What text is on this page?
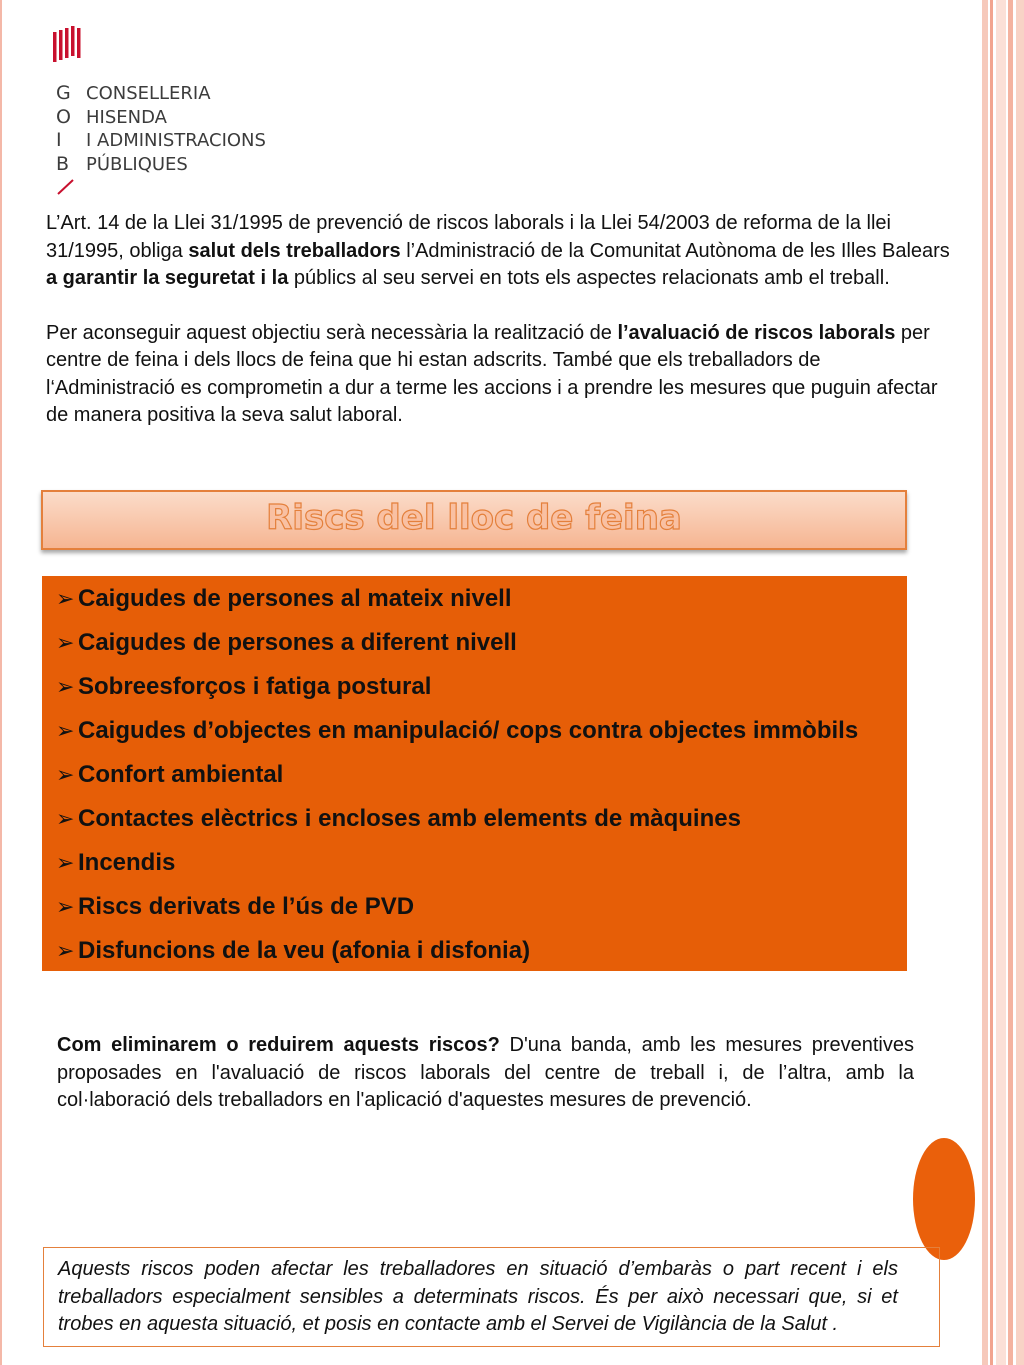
G
O
I
B
CONSELLERIA
HISENDA
I ADMINISTRACIONS
PÚBLIQUES

L’Art. 14 de la Llei 31/1995 de prevenció de riscos laborals i la Llei 54/2003 de reforma de la llei 31/1995, obliga salut dels treballadors l’Administració de la Comunitat Autònoma de les Illes Balears a garantir la seguretat i la públics al seu servei en tots els aspectes relacionats amb el treball.

Per aconseguir aquest objectiu serà necessària la realització de l’avaluació de riscos laborals per centre de feina i dels llocs de feina que hi estan adscrits. També que els treballadors de l‘Administració es comprometin a dur a terme les accions i a prendre les mesures que puguin afectar de manera positiva la seva salut laboral.

Riscs del lloc de feina
➢ Caigudes de persones al mateix nivell
➢ Caigudes de persones a diferent nivell
➢ Sobreesforços i fatiga postural
➢ Caigudes d’objectes en manipulació/ cops contra objectes immòbils
➢ Confort ambiental
➢ Contactes elèctrics i encloses amb elements de màquines
➢ Incendis
➢ Riscs derivats de l’ús de PVD
➢ Disfuncions de la veu (afonia i disfonia)
Com eliminarem o reduirem aquests riscos? D'una banda, amb les mesures preventives proposades en l'avaluació de riscos laborals del centre de treball i, de l’altra, amb la col·laboració dels treballadors en l'aplicació d'aquestes mesures de prevenció.
Aquests riscos poden afectar les treballadores en situació d’embaràs o part recent i els treballadors especialment sensibles a determinats riscos. És per això necessari que, si et trobes en aquesta situació, et posis en contacte amb el Servei de Vigilància de la Salut .
